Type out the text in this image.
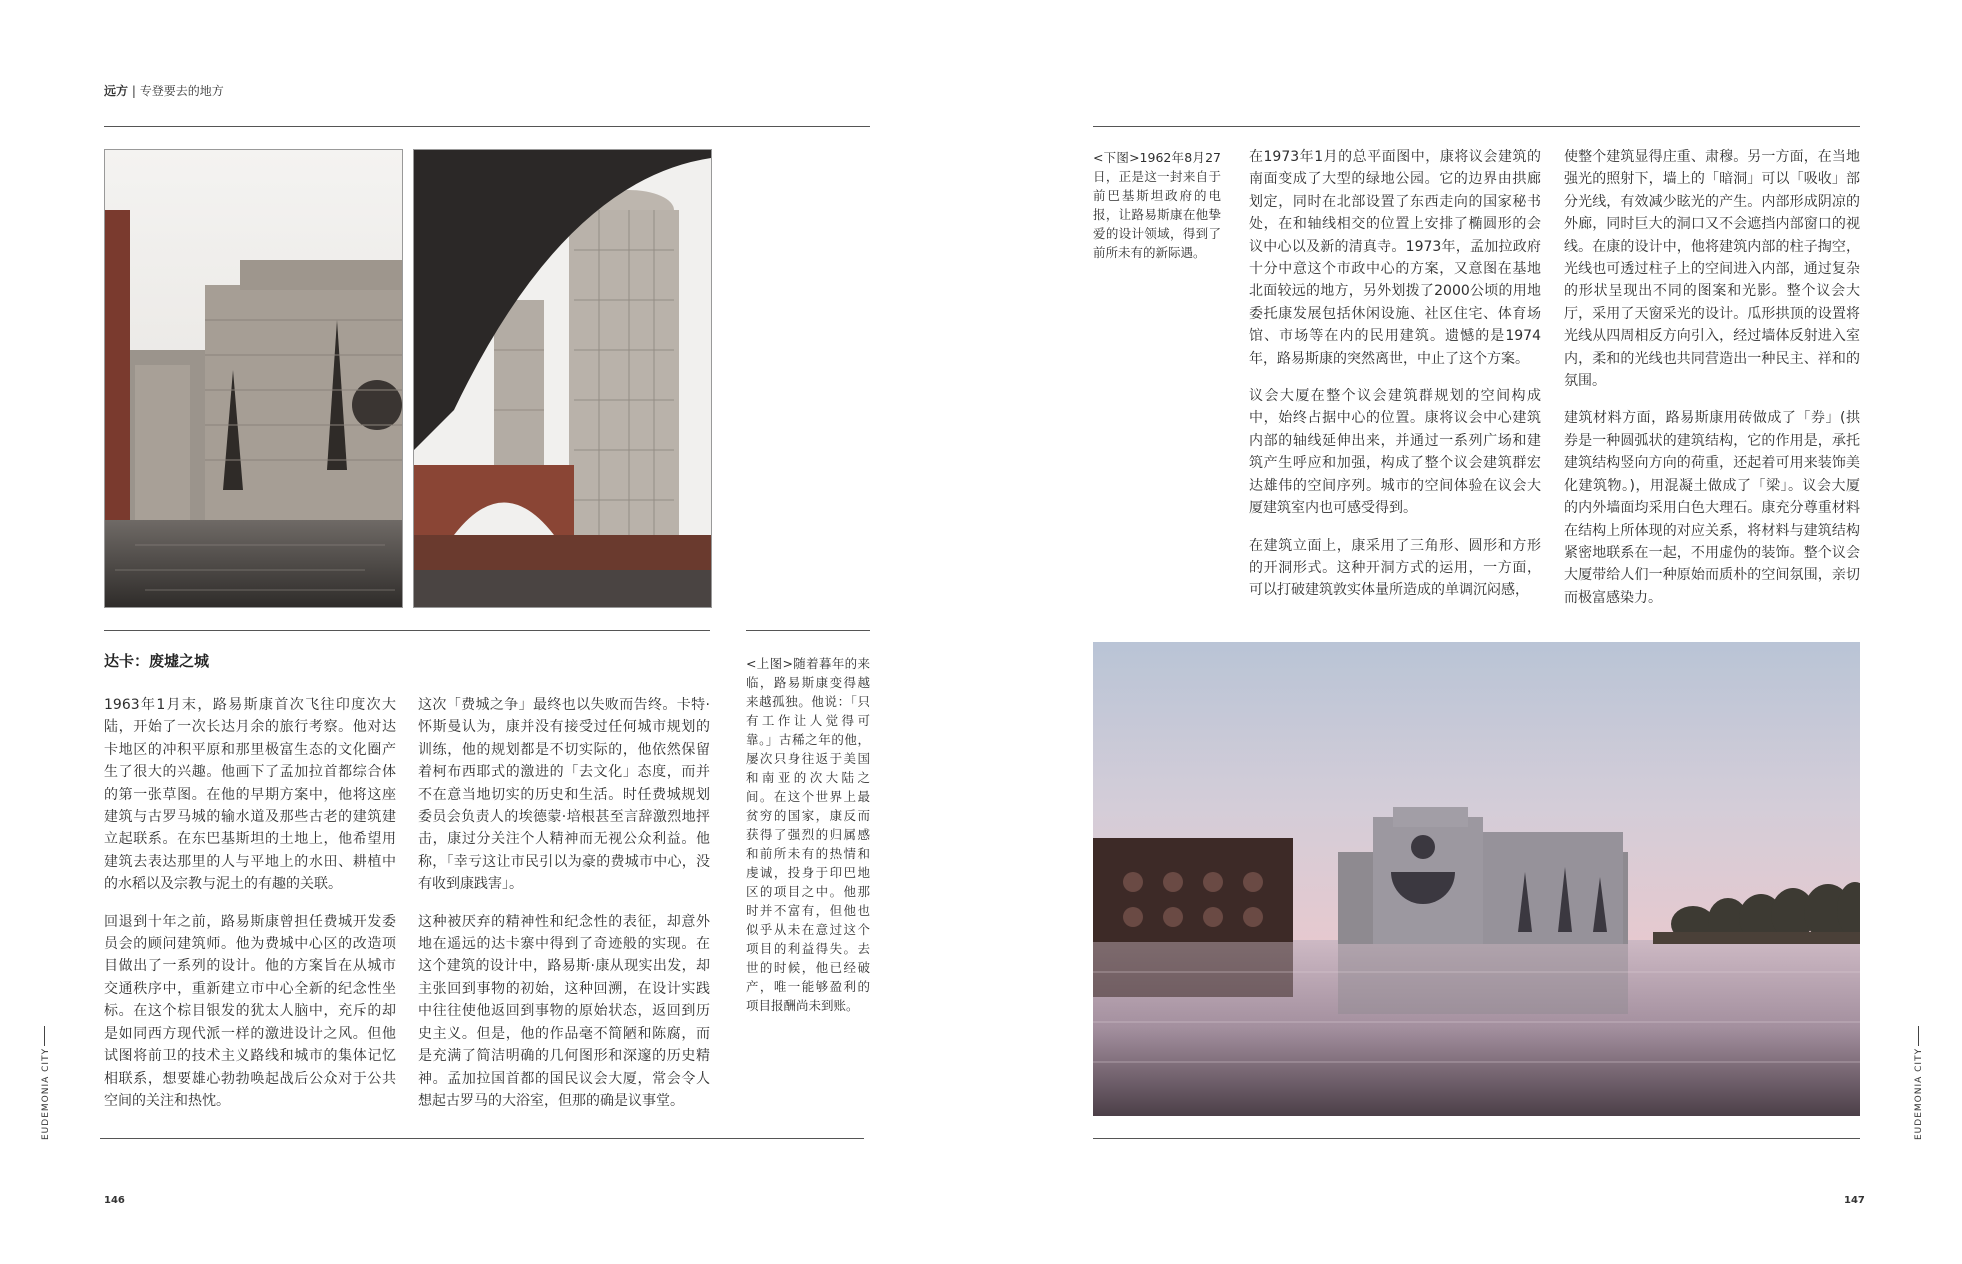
远方 | 专登要去的地方
达卡：废墟之城

1963年1月末，路易斯康首次飞往印度次大陆，开始了一次长达月余的旅行考察。他对达卡地区的冲积平原和那里极富生态的文化圈产生了很大的兴趣。他画下了孟加拉首都综合体的第一张草图。在他的早期方案中，他将这座建筑与古罗马城的输水道及那些古老的建筑建立起联系。在东巴基斯坦的土地上，他希望用建筑去表达那里的人与平地上的水田、耕植中的水稻以及宗教与泥土的有趣的关联。

回退到十年之前，路易斯康曾担任费城开发委员会的顾问建筑师。他为费城中心区的改造项目做出了一系列的设计。他的方案旨在从城市交通秩序中，重新建立市中心全新的纪念性坐标。在这个棕目银发的犹太人脑中，充斥的却是如同西方现代派一样的激进设计之风。但他试图将前卫的技术主义路线和城市的集体记忆相联系，想要雄心勃勃唤起战后公众对于公共空间的关注和热忱。

这次「费城之争」最终也以失败而告终。卡特·怀斯曼认为，康并没有接受过任何城市规划的训练，他的规划都是不切实际的，他依然保留着柯布西耶式的激进的「去文化」态度，而并不在意当地切实的历史和生活。时任费城规划委员会负责人的埃德蒙·培根甚至言辞激烈地抨击，康过分关注个人精神而无视公众利益。他称，「幸亏这让市民引以为豪的费城市中心，没有收到康践害」。

这种被厌弃的精神性和纪念性的表征，却意外地在遥远的达卡寨中得到了奇迹般的实现。在这个建筑的设计中，路易斯·康从现实出发，却主张回到事物的初始，这种回溯，在设计实践中往往使他返回到事物的原始状态，返回到历史主义。但是，他的作品毫不简陋和陈腐，而是充满了简洁明确的几何图形和深邃的历史精神。孟加拉国首都的国民议会大厦，常会令人想起古罗马的大浴室，但那的确是议事堂。

<上图>随着暮年的来临，路易斯康变得越来越孤独。他说：「只有工作让人觉得可靠。」古稀之年的他，屡次只身往返于美国和南亚的次大陆之间。在这个世界上最贫穷的国家，康反而获得了强烈的归属感和前所未有的热情和虔诚，投身于印巴地区的项目之中。他那时并不富有，但他也似乎从未在意过这个项目的利益得失。去世的时候，他已经破产，唯一能够盈利的项目报酬尚未到账。
EUDEMONIA CITY
146
<下图>1962年8月27日，正是这一封来自于前巴基斯坦政府的电报，让路易斯康在他挚爱的设计领域，得到了前所未有的新际遇。

在1973年1月的总平面图中，康将议会建筑的南面变成了大型的绿地公园。它的边界由拱廊划定，同时在北部设置了东西走向的国家秘书处，在和轴线相交的位置上安排了椭圆形的会议中心以及新的清真寺。1973年，孟加拉政府十分中意这个市政中心的方案，又意图在基地北面较远的地方，另外划拨了2000公顷的用地委托康发展包括休闲设施、社区住宅、体育场馆、市场等在内的民用建筑。遗憾的是1974年，路易斯康的突然离世，中止了这个方案。

议会大厦在整个议会建筑群规划的空间构成中，始终占据中心的位置。康将议会中心建筑内部的轴线延伸出来，并通过一系列广场和建筑产生呼应和加强，构成了整个议会建筑群宏达雄伟的空间序列。城市的空间体验在议会大厦建筑室内也可感受得到。

在建筑立面上，康采用了三角形、圆形和方形的开洞形式。这种开洞方式的运用，一方面，可以打破建筑敦实体量所造成的单调沉闷感，

使整个建筑显得庄重、肃穆。另一方面，在当地强光的照射下，墙上的「暗洞」可以「吸收」部分光线，有效减少眩光的产生。内部形成阴凉的外廊，同时巨大的洞口又不会遮挡内部窗口的视线。在康的设计中，他将建筑内部的柱子掏空，光线也可透过柱子上的空间进入内部，通过复杂的形状呈现出不同的图案和光影。整个议会大厅，采用了天窗采光的设计。瓜形拱顶的设置将光线从四周相反方向引入，经过墙体反射进入室内，柔和的光线也共同营造出一种民主、祥和的氛围。

建筑材料方面，路易斯康用砖做成了「券」(拱券是一种圆弧状的建筑结构，它的作用是，承托建筑结构竖向方向的荷重，还起着可用来装饰美化建筑物。)，用混凝土做成了「梁」。议会大厦的内外墙面均采用白色大理石。康充分尊重材料在结构上所体现的对应关系，将材料与建筑结构紧密地联系在一起，不用虚伪的装饰。整个议会大厦带给人们一种原始而质朴的空间氛围，亲切而极富感染力。

EUDEMONIA CITY
147
